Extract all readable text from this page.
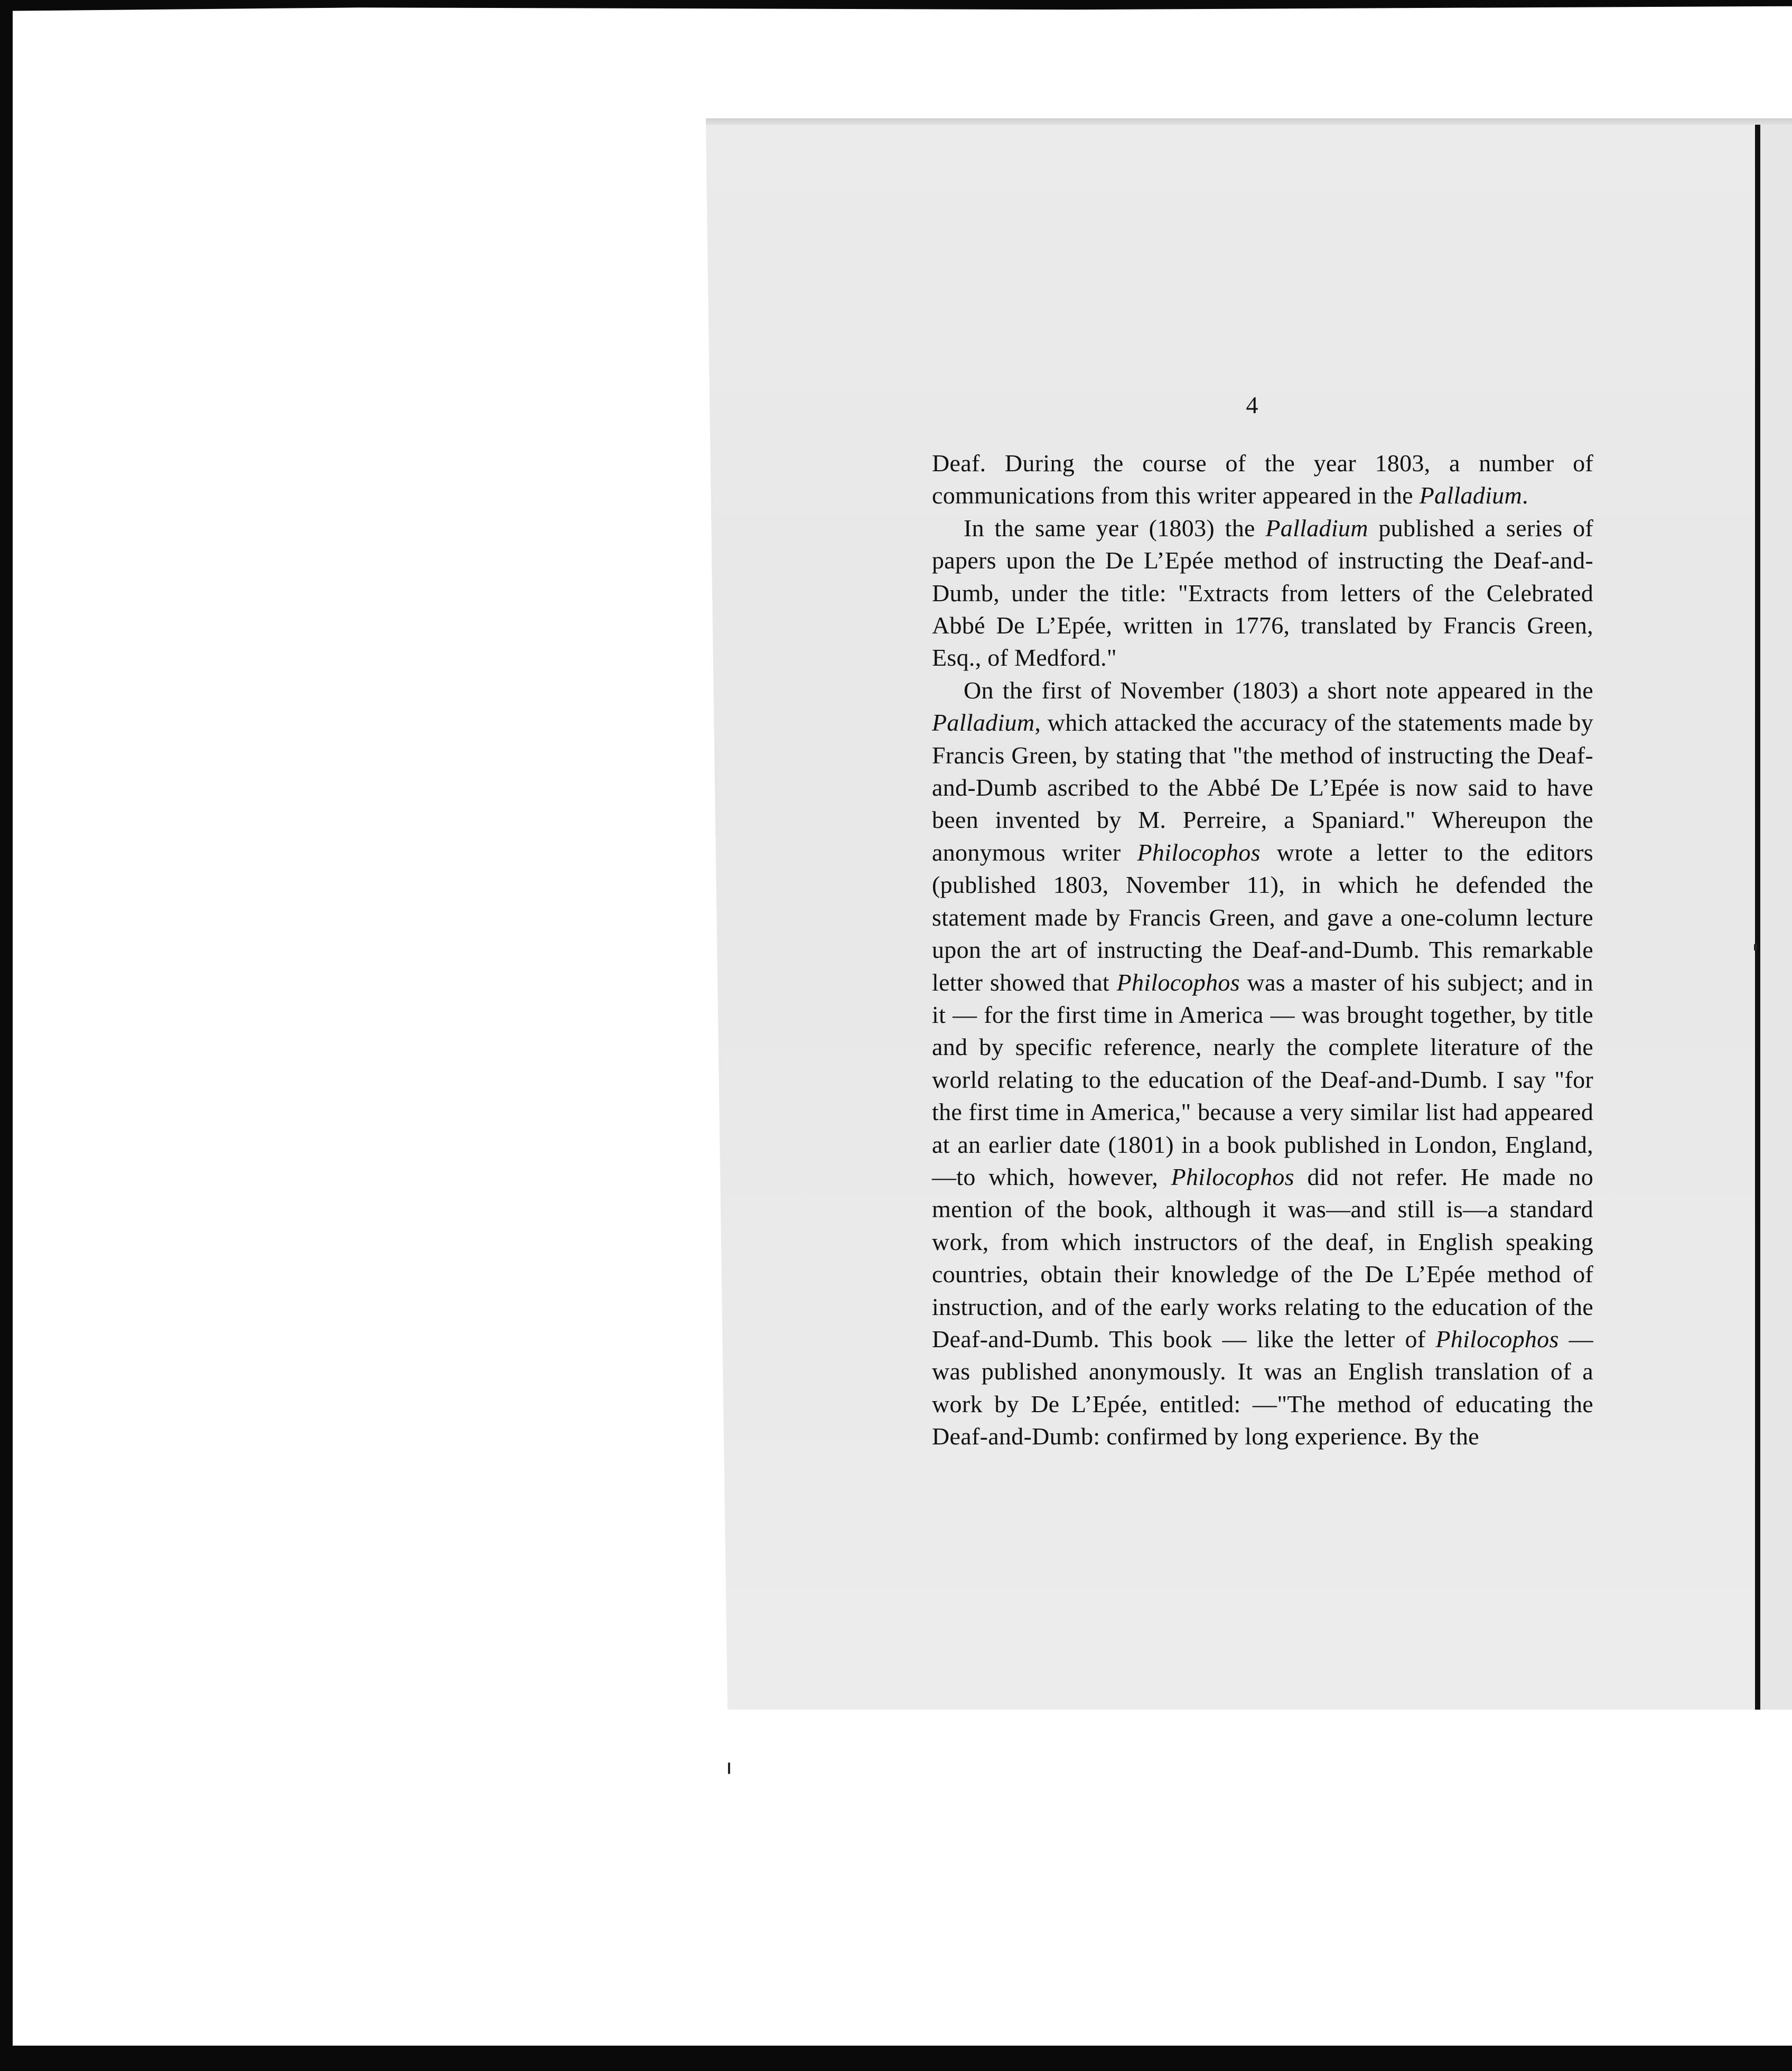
4

Deaf. During the course of the year 1803, a number of communications from this writer appeared in the Palladium.

In the same year (1803) the Palladium published a series of papers upon the De L’Epée method of instructing the Deaf-and-Dumb, under the title: "Extracts from letters of the Celebrated Abbé De L’Epée, written in 1776, translated by Francis Green, Esq., of Medford."

On the first of November (1803) a short note appeared in the Palladium, which attacked the accuracy of the statements made by Francis Green, by stating that "the method of instructing the Deaf-and-Dumb ascribed to the Abbé De L’Epée is now said to have been invented by M. Perreire, a Spaniard." Whereupon the anonymous writer Philocophos wrote a letter to the editors (published 1803, November 11), in which he defended the statement made by Francis Green, and gave a one-column lecture upon the art of instructing the Deaf-and-Dumb. This remarkable letter showed that Philocophos was a master of his subject; and in it — for the first time in America — was brought together, by title and by specific reference, nearly the complete literature of the world relating to the education of the Deaf-and-Dumb. I say "for the first time in America," because a very similar list had appeared at an earlier date (1801) in a book published in London, England,—to which, however, Philocophos did not refer. He made no mention of the book, although it was—and still is—a standard work, from which instructors of the deaf, in English speaking countries, obtain their knowledge of the De L’Epée method of instruction, and of the early works relating to the education of the Deaf-and-Dumb. This book — like the letter of Philocophos — was published anonymously. It was an English translation of a work by De L’Epée, entitled: —"The method of educating the Deaf-and-Dumb: confirmed by long experience. By the
